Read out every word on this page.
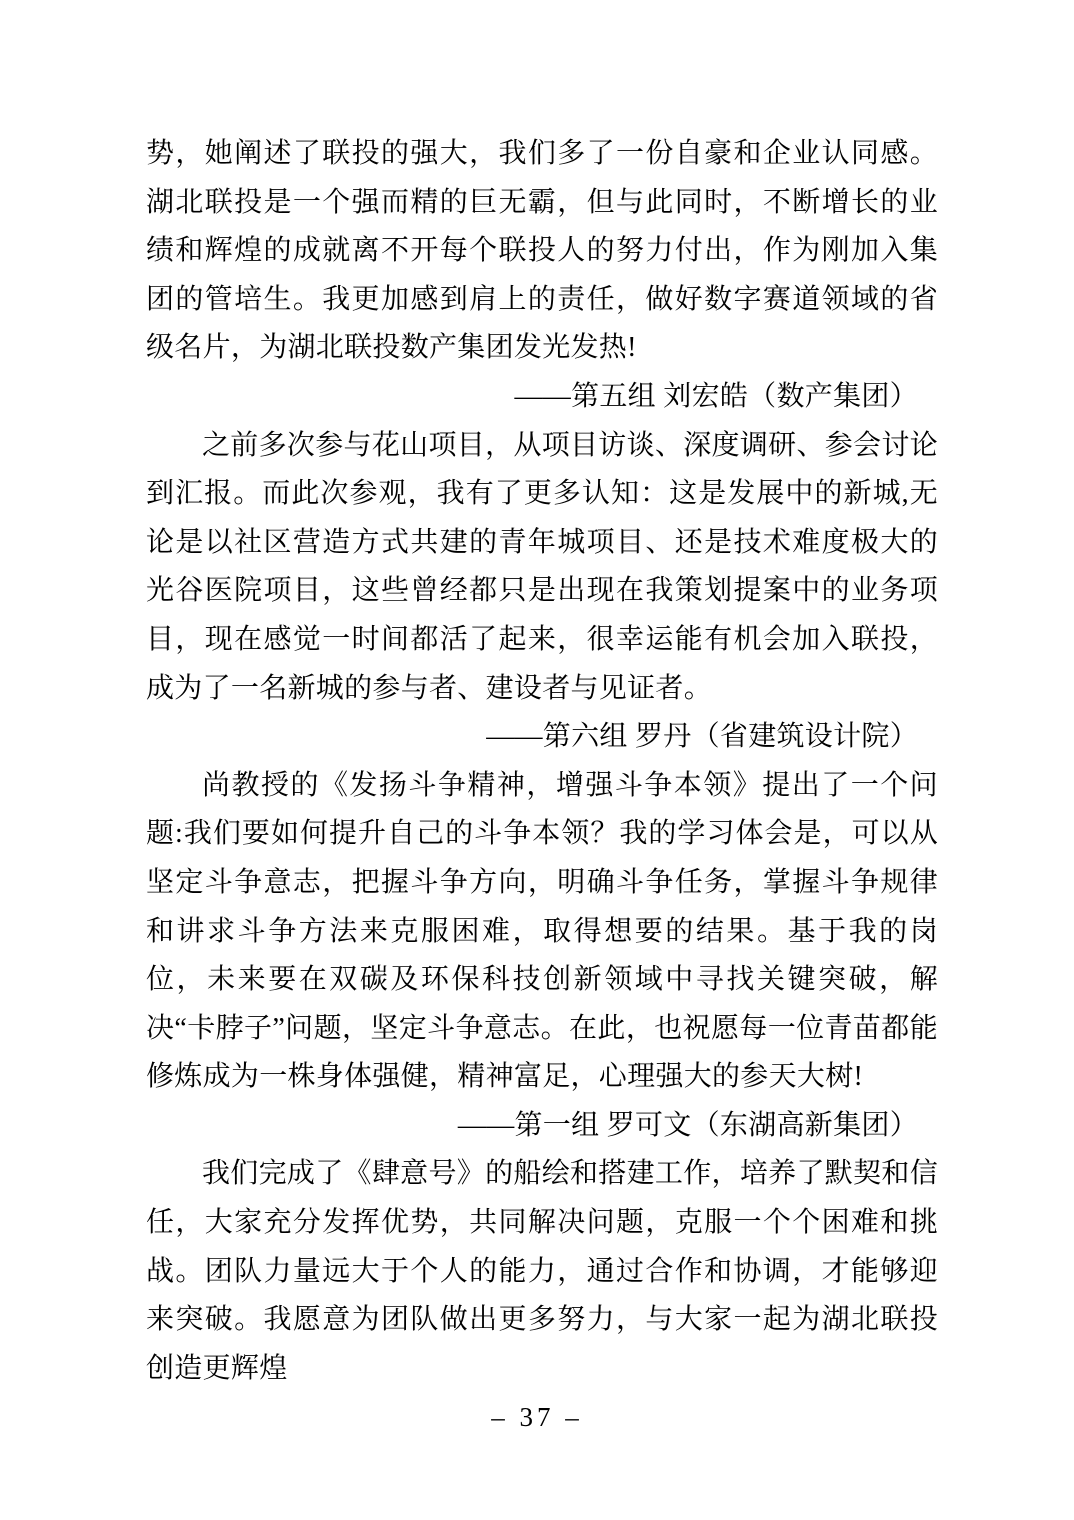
势，她阐述了联投的强大，我们多了一份自豪和企业认同感。湖北联投是一个强而精的巨无霸，但与此同时，不断增长的业绩和辉煌的成就离不开每个联投人的努力付出，作为刚加入集团的管培生。我更加感到肩上的责任，做好数字赛道领域的省级名片，为湖北联投数产集团发光发热!

——第五组 刘宏皓（数产集团）

之前多次参与花山项目，从项目访谈、深度调研、参会讨论到汇报。而此次参观，我有了更多认知：这是发展中的新城,无论是以社区营造方式共建的青年城项目、还是技术难度极大的光谷医院项目，这些曾经都只是出现在我策划提案中的业务项目，现在感觉一时间都活了起来，很幸运能有机会加入联投，成为了一名新城的参与者、建设者与见证者。

——第六组 罗丹（省建筑设计院）

尚教授的《发扬斗争精神，增强斗争本领》提出了一个问题:我们要如何提升自己的斗争本领？我的学习体会是，可以从坚定斗争意志，把握斗争方向，明确斗争任务，掌握斗争规律和讲求斗争方法来克服困难，取得想要的结果。基于我的岗位，未来要在双碳及环保科技创新领域中寻找关键突破，解决“卡脖子”问题，坚定斗争意志。在此，也祝愿每一位青苗都能修炼成为一株身体强健，精神富足，心理强大的参天大树!

——第一组 罗可文（东湖高新集团）

我们完成了《肆意号》的船绘和搭建工作，培养了默契和信任，大家充分发挥优势，共同解决问题，克服一个个困难和挑战。团队力量远大于个人的能力，通过合作和协调，才能够迎来突破。我愿意为团队做出更多努力，与大家一起为湖北联投创造更辉煌

– 37 –
